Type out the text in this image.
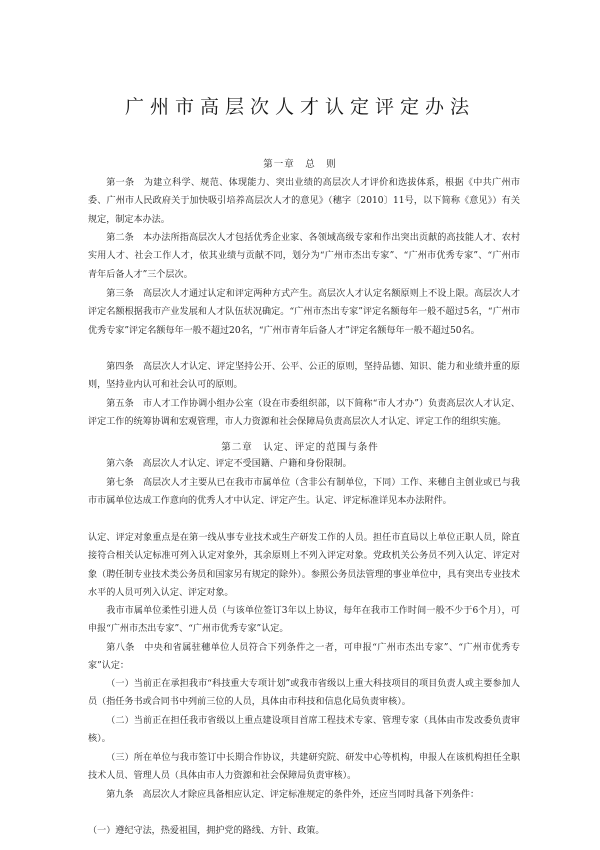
广州市高层次人才认定评定办法
第一章　总　则

第一条　为建立科学、规范、体现能力、突出业绩的高层次人才评价和选拔体系，根据《中共广州市委、广州市人民政府关于加快吸引培养高层次人才的意见》（穗字〔2010〕11号，以下简称《意见》）有关规定，制定本办法。

第二条　本办法所指高层次人才包括优秀企业家、各领域高级专家和作出突出贡献的高技能人才、农村实用人才、社会工作人才，依其业绩与贡献不同，划分为“广州市杰出专家”、“广州市优秀专家”、“广州市青年后备人才”三个层次。

第三条　高层次人才通过认定和评定两种方式产生。高层次人才认定名额原则上不设上限。高层次人才评定名额根据我市产业发展和人才队伍状况确定。“广州市杰出专家”评定名额每年一般不超过5名，“广州市优秀专家”评定名额每年一般不超过20名，“广州市青年后备人才”评定名额每年一般不超过50名。

第四条　高层次人才认定、评定坚持公开、公平、公正的原则，坚持品德、知识、能力和业绩并重的原则，坚持业内认可和社会认可的原则。

第五条　市人才工作协调小组办公室（设在市委组织部，以下简称“市人才办”）负责高层次人才认定、评定工作的统筹协调和宏观管理，市人力资源和社会保障局负责高层次人才认定、评定工作的组织实施。

第二章　认定、评定的范围与条件

第六条　高层次人才认定、评定不受国籍、户籍和身份限制。

第七条　高层次人才主要从已在我市市属单位（含非公有制单位，下同）工作、来穗自主创业或已与我市市属单位达成工作意向的优秀人才中认定、评定产生。认定、评定标准详见本办法附件。

认定、评定对象重点是在第一线从事专业技术或生产研发工作的人员。担任市直局以上单位正职人员，除直接符合相关认定标准可列入认定对象外，其余原则上不列入评定对象。党政机关公务员不列入认定、评定对象（聘任制专业技术类公务员和国家另有规定的除外）。参照公务员法管理的事业单位中，具有突出专业技术水平的人员可列入认定、评定对象。

我市市属单位柔性引进人员（与该单位签订3年以上协议，每年在我市工作时间一般不少于6个月），可申报“广州市杰出专家”、“广州市优秀专家”认定。

第八条　中央和省属驻穗单位人员符合下列条件之一者，可申报“广州市杰出专家”、“广州市优秀专家”认定：

（一）当前正在承担我市“科技重大专项计划”或我市省级以上重大科技项目的项目负责人或主要参加人员（指任务书或合同书中列前三位的人员，具体由市科技和信息化局负责审核）。

（二）当前正在担任我市省级以上重点建设项目首席工程技术专家、管理专家（具体由市发改委负责审核）。

（三）所在单位与我市签订中长期合作协议，共建研究院、研发中心等机构，申报人在该机构担任全职技术人员、管理人员（具体由市人力资源和社会保障局负责审核）。

第九条　高层次人才除应具备相应认定、评定标准规定的条件外，还应当同时具备下列条件：

（一）遵纪守法，热爱祖国，拥护党的路线、方针、政策。
